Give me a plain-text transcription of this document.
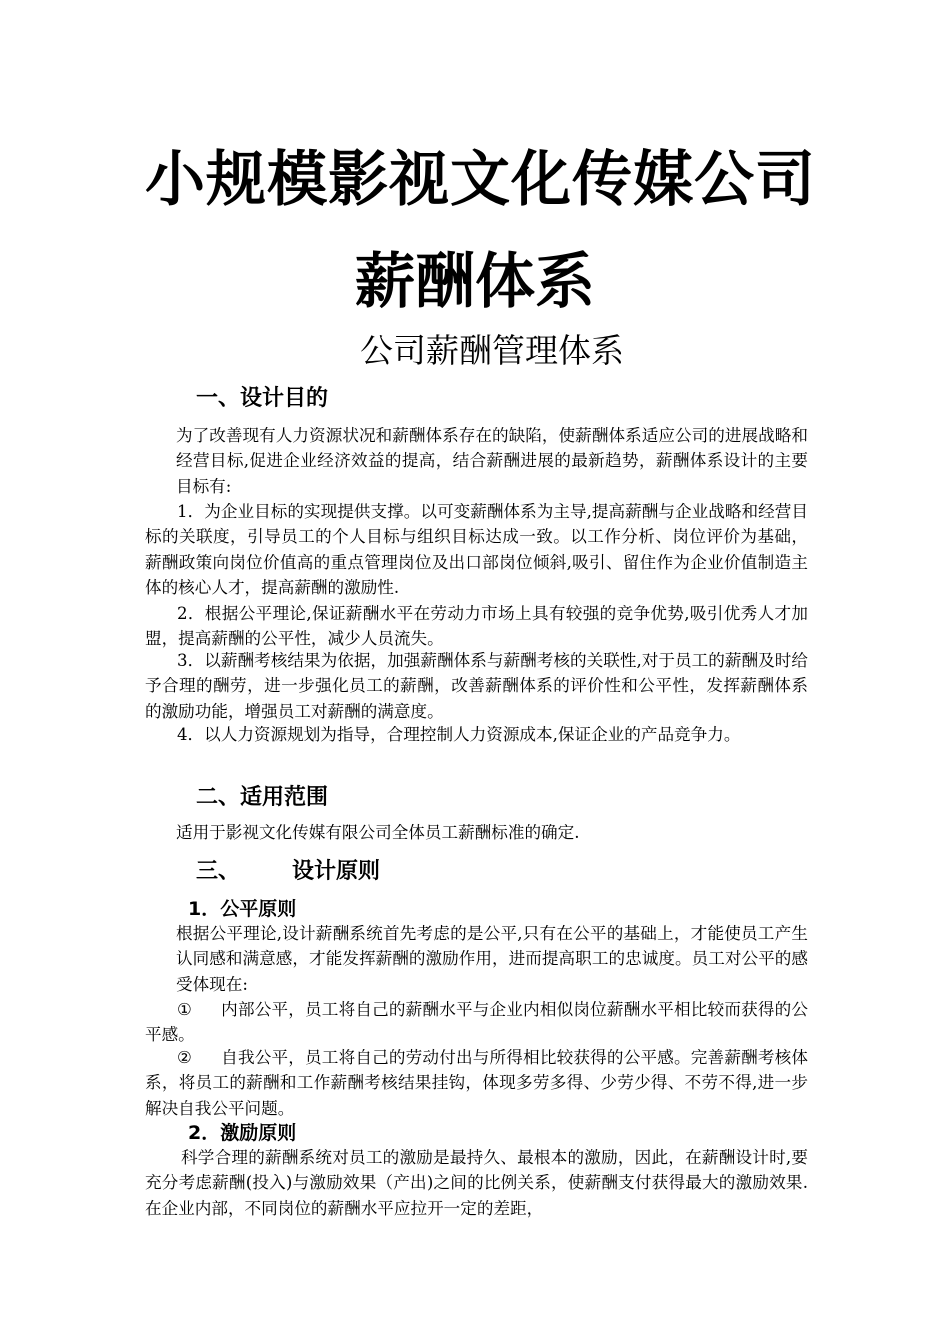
小规模影视文化传媒公司
薪酬体系
公司薪酬管理体系
一、设计目的
为了改善现有人力资源状况和薪酬体系存在的缺陷，使薪酬体系适应公司的进展战略和经营目标,促进企业经济效益的提高，结合薪酬进展的最新趋势，薪酬体系设计的主要目标有:
1．为企业目标的实现提供支撑。以可变薪酬体系为主导,提高薪酬与企业战略和经营目标的关联度，引导员工的个人目标与组织目标达成一致。以工作分析、岗位评价为基础，薪酬政策向岗位价值高的重点管理岗位及出口部岗位倾斜,吸引、留住作为企业价值制造主体的核心人才，提高薪酬的激励性.
2．根据公平理论,保证薪酬水平在劳动力市场上具有较强的竞争优势,吸引优秀人才加盟，提高薪酬的公平性，减少人员流失。
3．以薪酬考核结果为依据，加强薪酬体系与薪酬考核的关联性,对于员工的薪酬及时给予合理的酬劳，进一步强化员工的薪酬，改善薪酬体系的评价性和公平性，发挥薪酬体系的激励功能，增强员工对薪酬的满意度。
4．以人力资源规划为指导，合理控制人力资源成本,保证企业的产品竞争力。
二、适用范围
适用于影视文化传媒有限公司全体员工薪酬标准的确定.
三、 设计原则
1．公平原则
根据公平理论,设计薪酬系统首先考虑的是公平,只有在公平的基础上，才能使员工产生认同感和满意感，才能发挥薪酬的激励作用，进而提高职工的忠诚度。员工对公平的感受体现在:
① 内部公平，员工将自己的薪酬水平与企业内相似岗位薪酬水平相比较而获得的公平感。
② 自我公平，员工将自己的劳动付出与所得相比较获得的公平感。完善薪酬考核体系，将员工的薪酬和工作薪酬考核结果挂钩，体现多劳多得、少劳少得、不劳不得,进一步解决自我公平问题。
2．激励原则
科学合理的薪酬系统对员工的激励是最持久、最根本的激励，因此，在薪酬设计时,要充分考虑薪酬(投入)与激励效果（产出)之间的比例关系，使薪酬支付获得最大的激励效果.在企业内部，不同岗位的薪酬水平应拉开一定的差距，
